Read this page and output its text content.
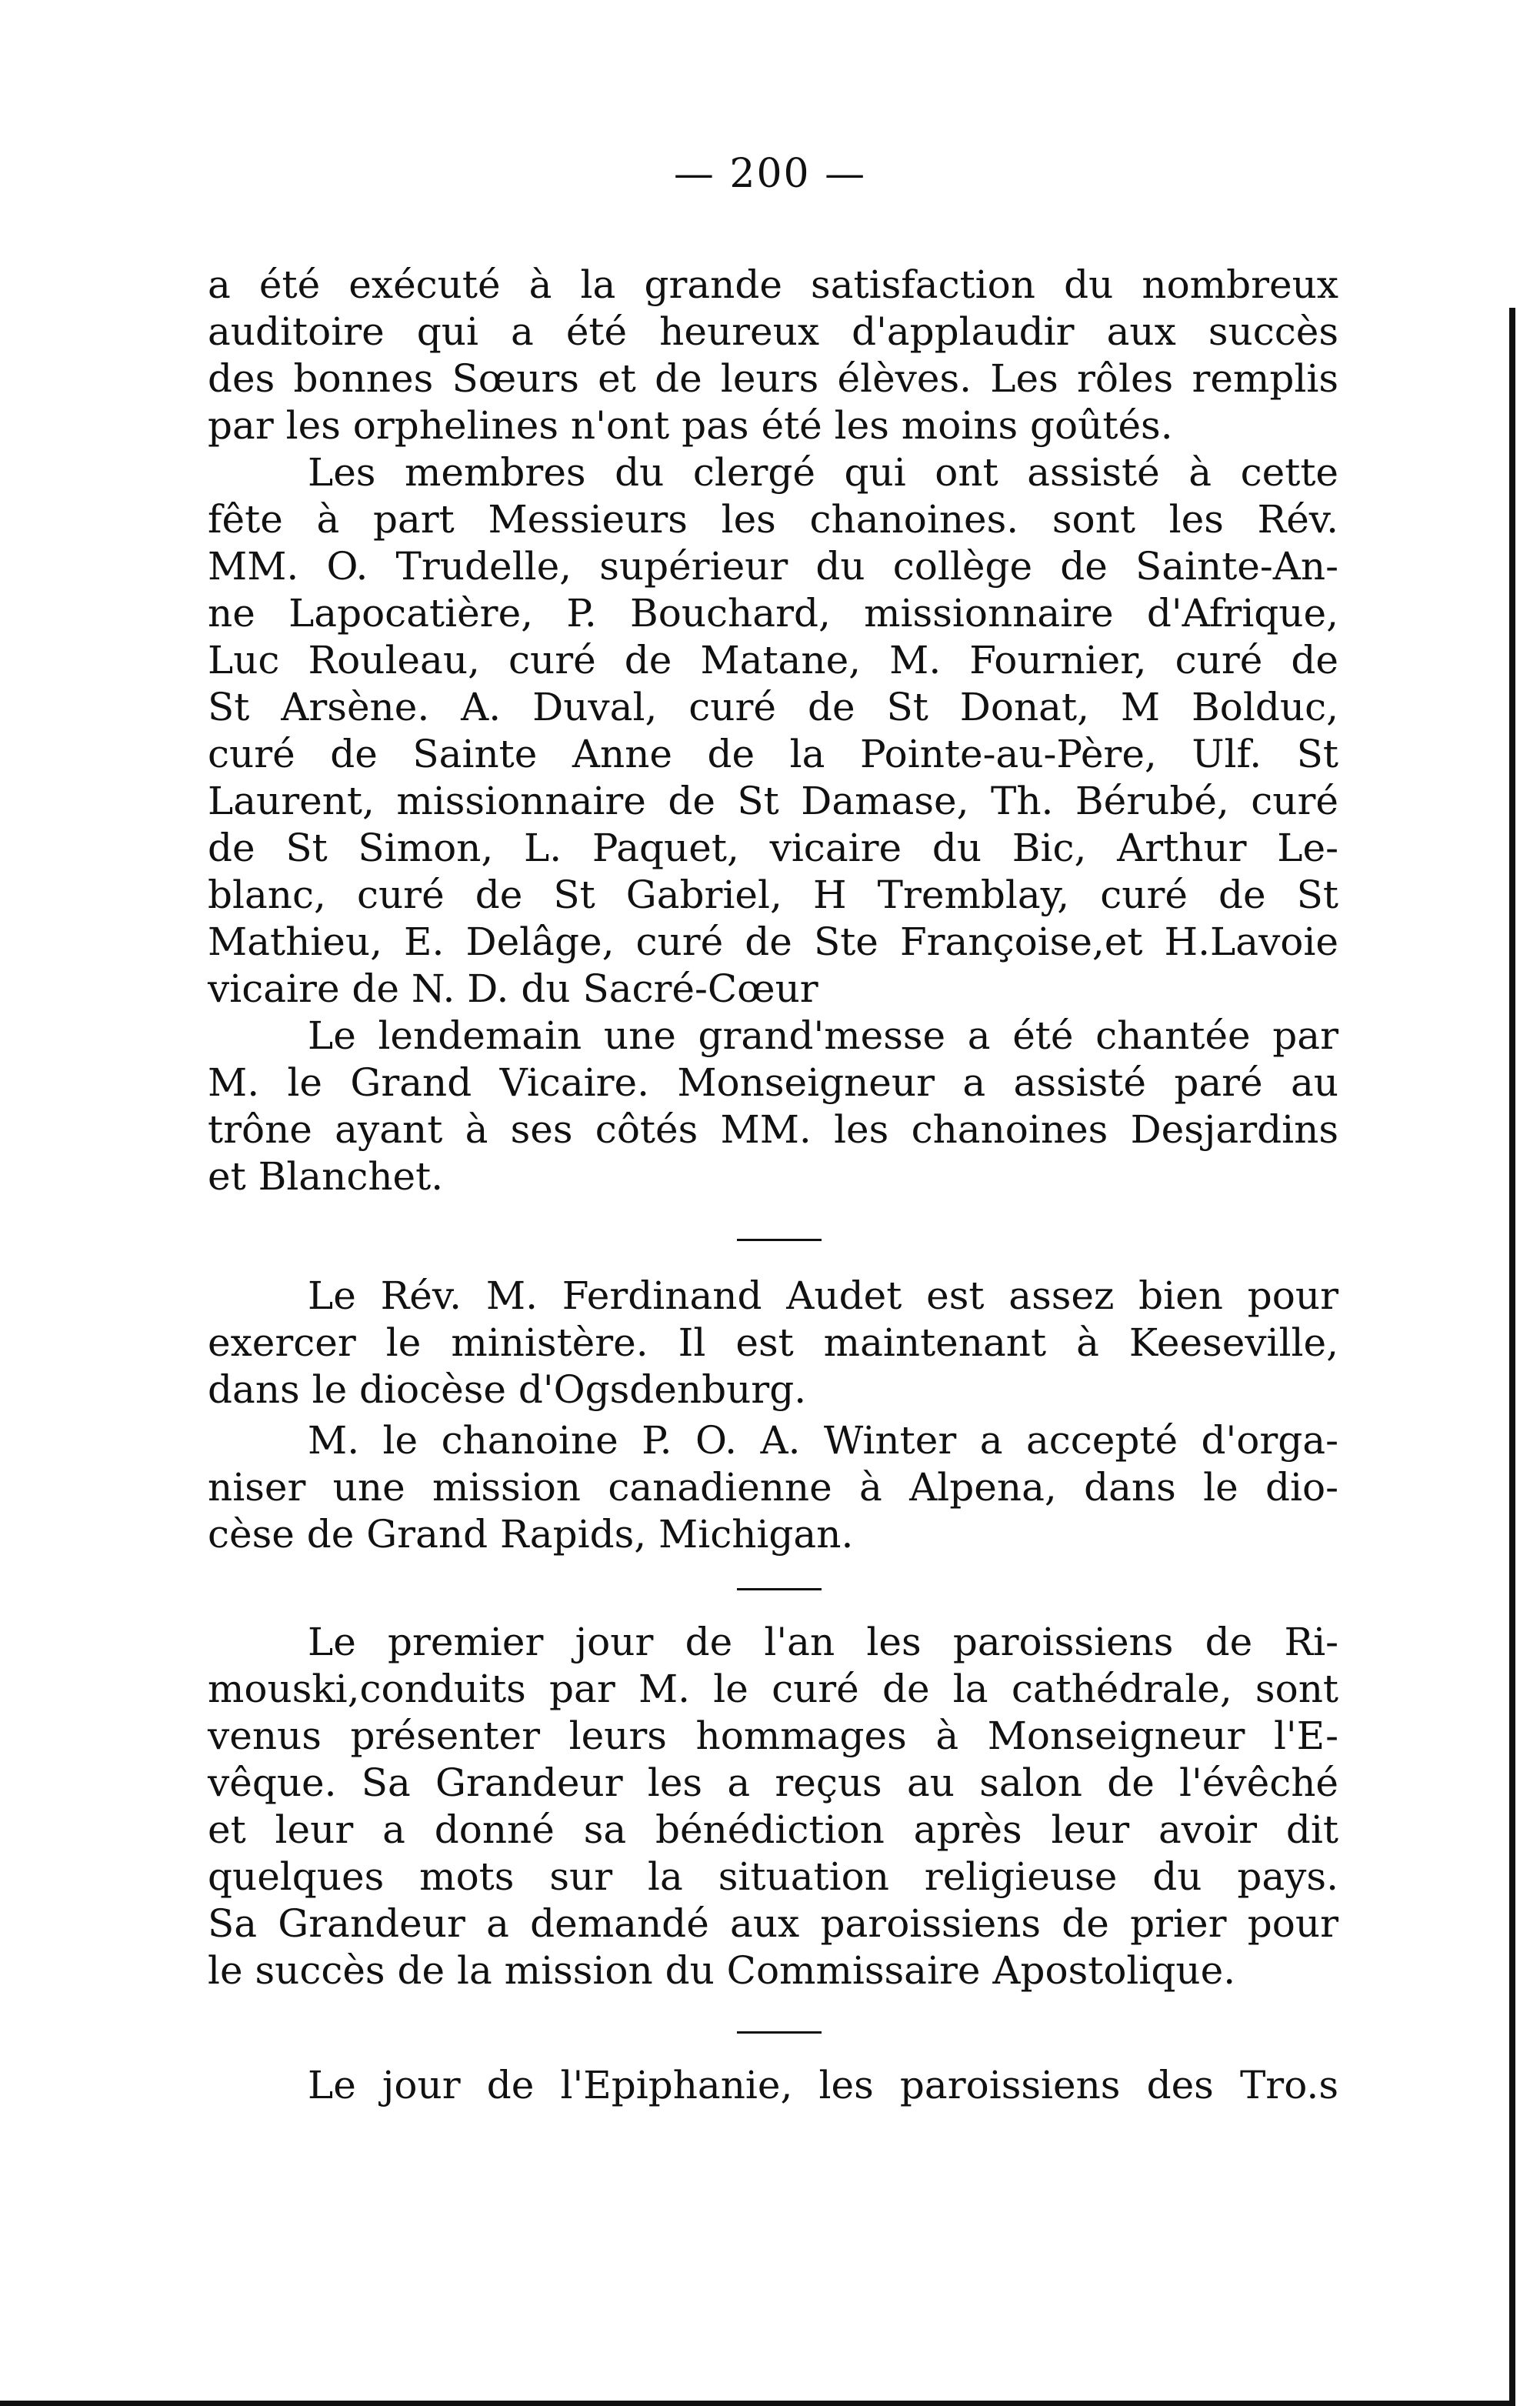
— 200 —
a été exécuté à la grande satisfaction du nombreux
auditoire qui a été heureux d'applaudir aux succès
des bonnes Sœurs et de leurs élèves. Les rôles remplis
par les orphelines n'ont pas été les moins goûtés.
Les membres du clergé qui ont assisté à cette
fête à part Messieurs les chanoines. sont les Rév.
MM. O. Trudelle, supérieur du collège de Sainte-An-
ne Lapocatière, P. Bouchard, missionnaire d'Afrique,
Luc Rouleau, curé de Matane, M. Fournier, curé de
St Arsène. A. Duval, curé de St Donat, M Bolduc,
curé de Sainte Anne de la Pointe-au-Père, Ulf. St
Laurent, missionnaire de St Damase, Th. Bérubé, curé
de St Simon, L. Paquet, vicaire du Bic, Arthur Le-
blanc, curé de St Gabriel, H Tremblay, curé de St
Mathieu, E. Delâge, curé de Ste Françoise,et H.Lavoie
vicaire de N. D. du Sacré-Cœur
Le lendemain une grand'messe a été chantée par
M. le Grand Vicaire. Monseigneur a assisté paré au
trône ayant à ses côtés MM. les chanoines Desjardins
et Blanchet.
Le Rév. M. Ferdinand Audet est assez bien pour
exercer le ministère. Il est maintenant à Keeseville,
dans le diocèse d'Ogsdenburg.
M. le chanoine P. O. A. Winter a accepté d'orga-
niser une mission canadienne à Alpena, dans le dio-
cèse de Grand Rapids, Michigan.
Le premier jour de l'an les paroissiens de Ri-
mouski,conduits par M. le curé de la cathédrale, sont
venus présenter leurs hommages à Monseigneur l'E-
vêque. Sa Grandeur les a reçus au salon de l'évêché
et leur a donné sa bénédiction après leur avoir dit
quelques mots sur la situation religieuse du pays.
Sa Grandeur a demandé aux paroissiens de prier pour
le succès de la mission du Commissaire Apostolique.
Le jour de l'Epiphanie, les paroissiens des Tro.s
